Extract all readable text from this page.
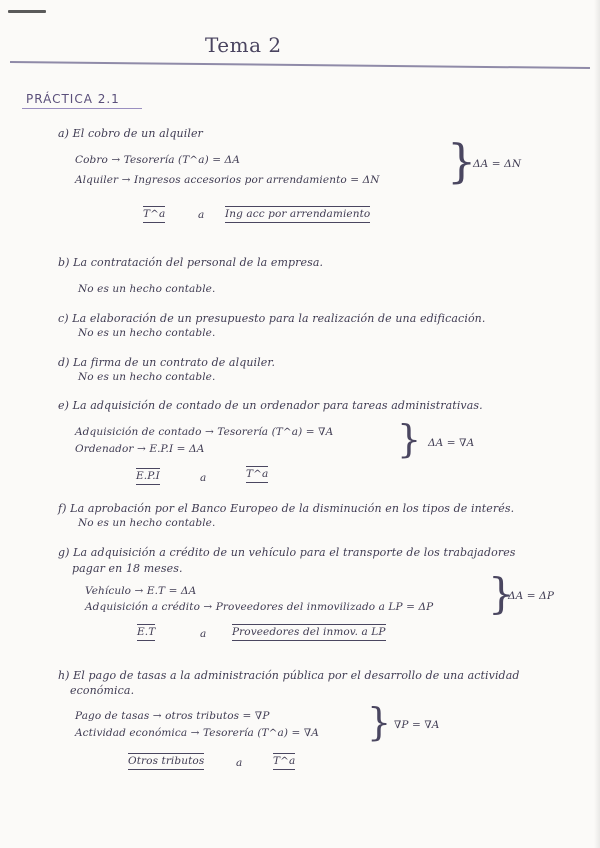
Tema 2
PRÁCTICA 2.1
a) El cobro de un alquiler
Cobro → Tesorería (T^a) = ΔA
Alquiler → Ingresos accesorios por arrendamiento = ΔN }
ΔA = ΔN
T^a	a Ing acc por arrendamiento
b) La contratación del personal de la empresa.
No es un hecho contable.
c) La elaboración de un presupuesto para la realización de una edificación.
No es un hecho contable.
d) La firma de un contrato de alquiler.
No es un hecho contable.
e) La adquisición de contado de un ordenador para tareas administrativas.
Adquisición de contado → Tesorería (T^a) = ∇A
Ordenador → E.P.I = ΔA	} ΔA = ∇A
E.P.I	a	T^a
f) La aprobación por el Banco Europeo de la disminución en los tipos de interés.
No es un hecho contable.
g) La adquisición a crédito de un vehículo para el transporte de los trabajadores
pagar en 18 meses.
Vehículo → E.T = ΔA
Adquisición a crédito → Proveedores del inmovilizado a LP = ΔP }
ΔA = ΔP
E.T	a Proveedores del inmov. a LP
h) El pago de tasas a la administración pública por el desarrollo de una actividad
económica.
Pago de tasas → otros tributos = ∇P
Actividad económica → Tesorería (T^a) = ∇A } ∇P = ∇A
Otros tributos	a	T^a
